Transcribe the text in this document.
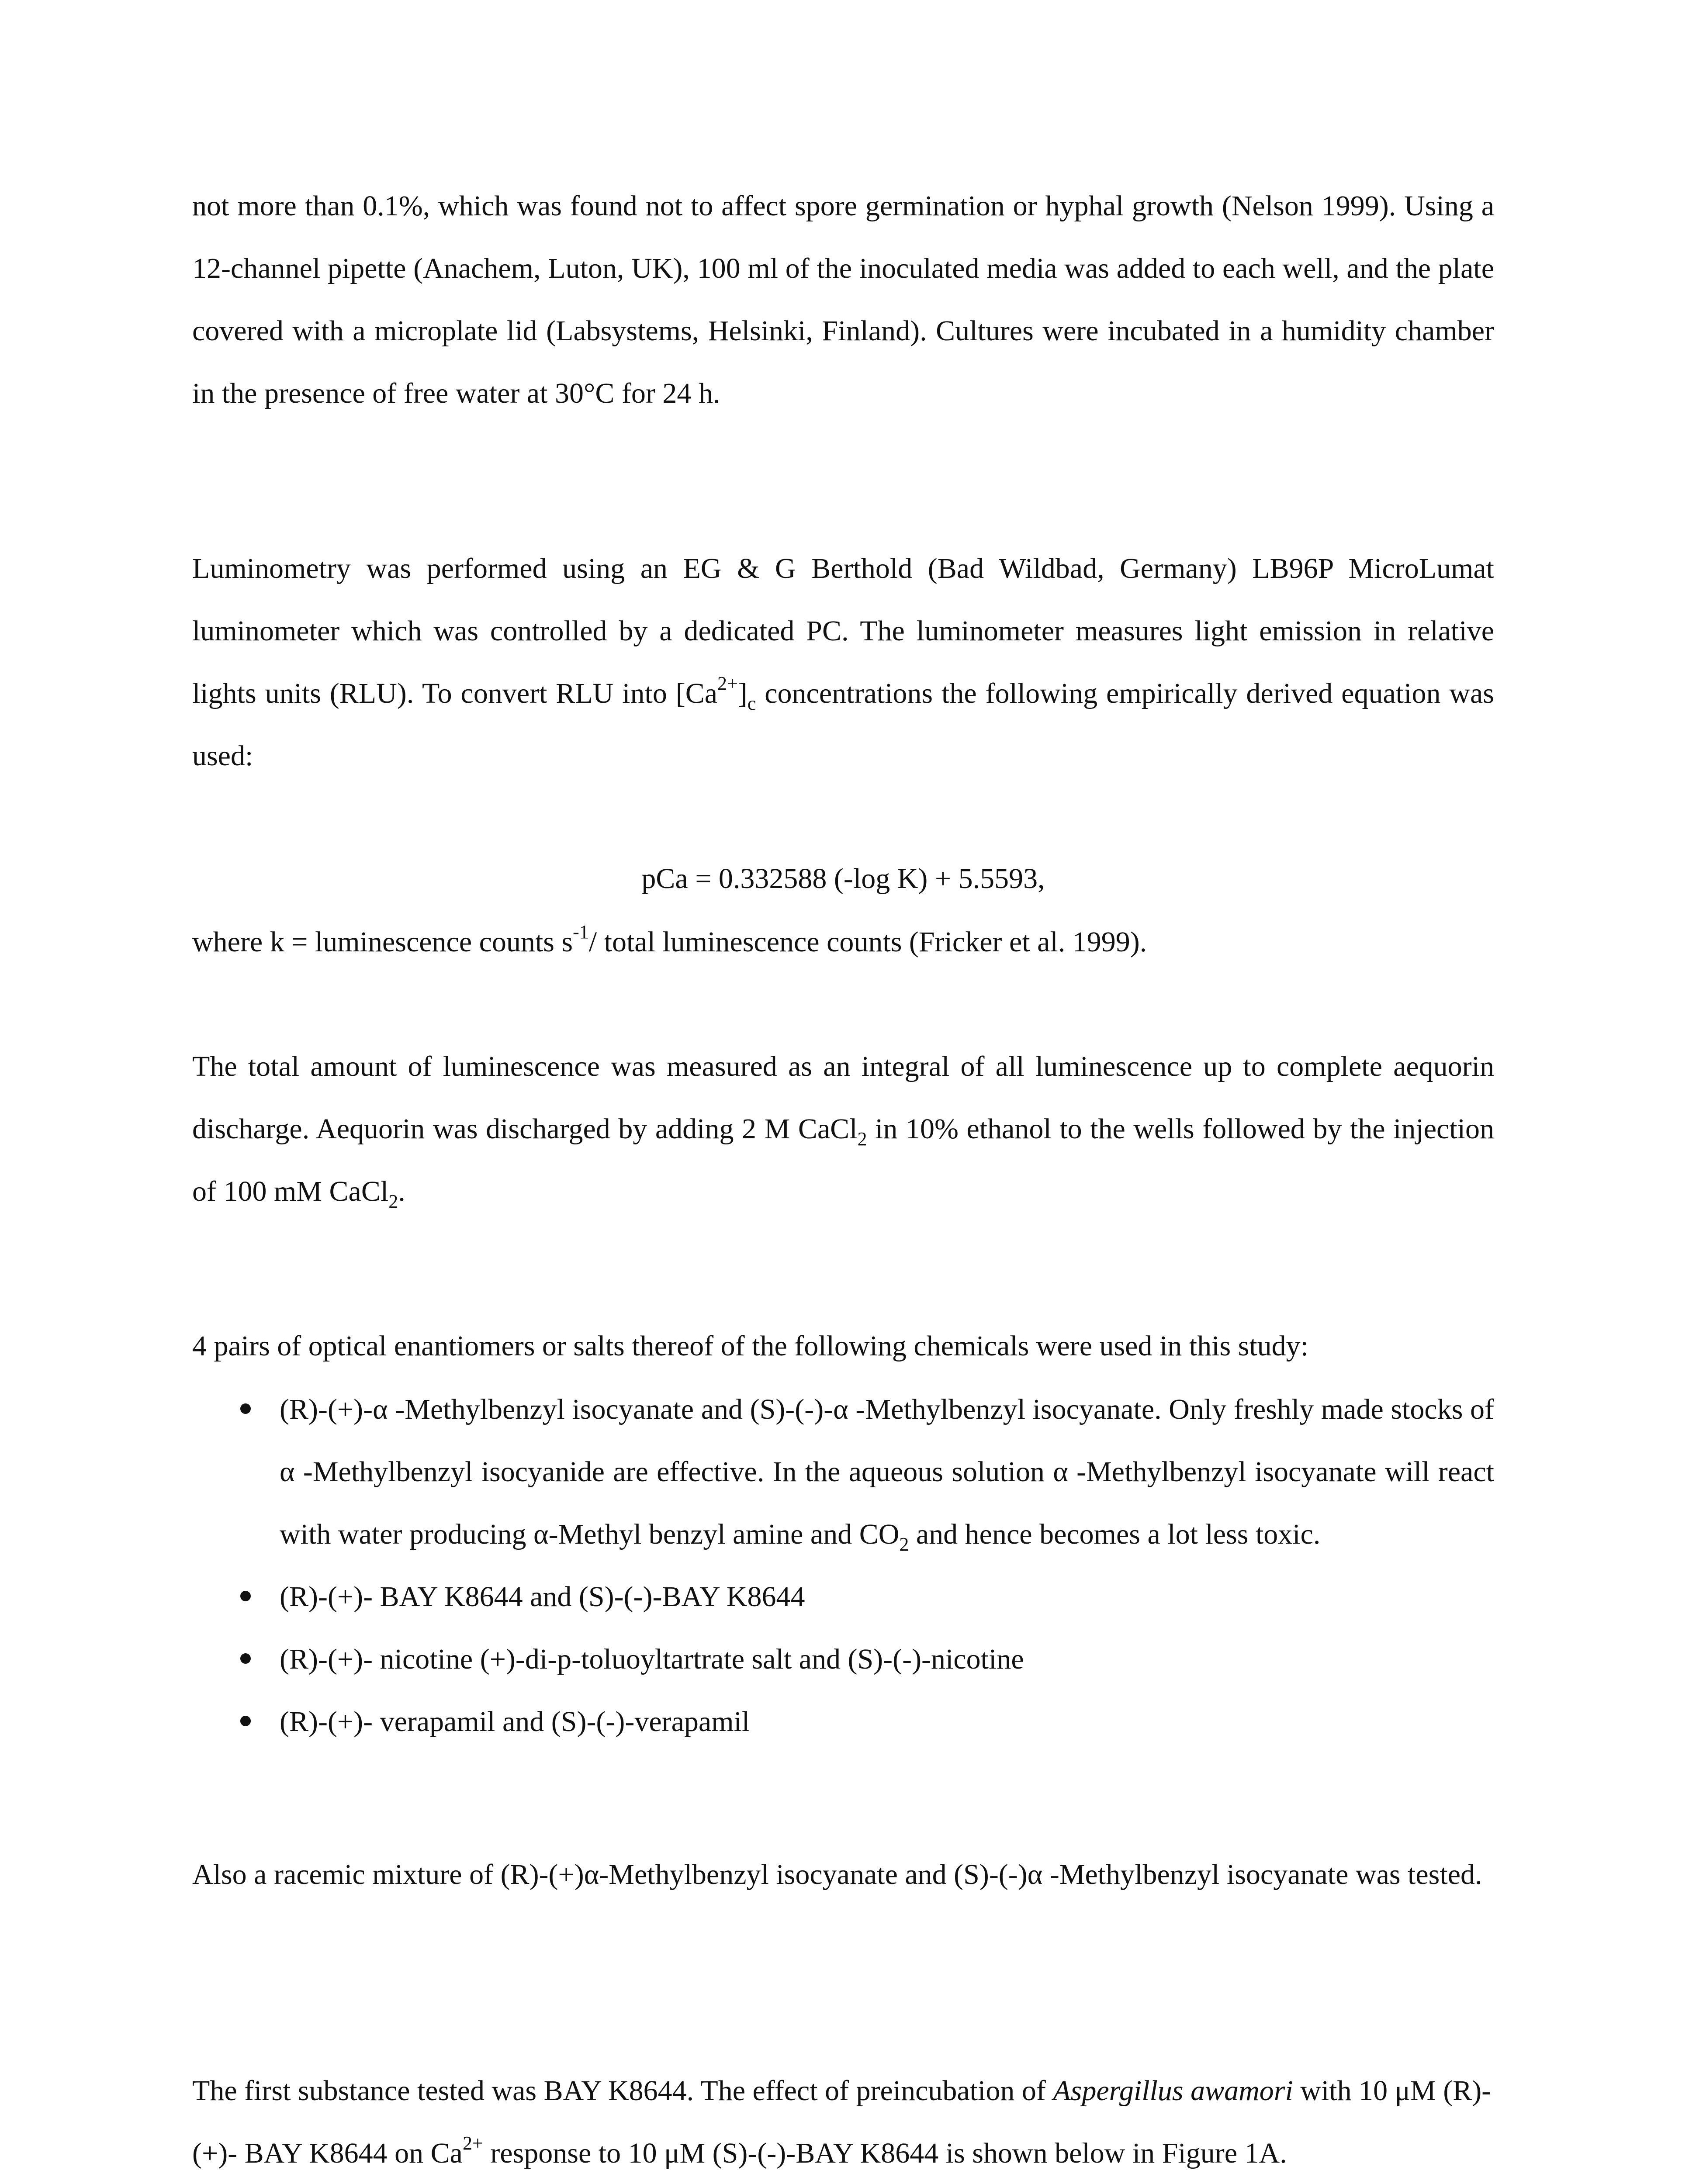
not more than 0.1%, which was found not to affect spore germination or hyphal growth (Nelson 1999). Using a 12-channel pipette (Anachem, Luton, UK), 100 ml of the inoculated media was added to each well, and the plate covered with a microplate lid (Labsystems, Helsinki, Finland). Cultures were incubated in a humidity chamber in the presence of free water at 30°C for 24 h.

Luminometry was performed using an EG & G Berthold (Bad Wildbad, Germany) LB96P MicroLumat luminometer which was controlled by a dedicated PC. The luminometer measures light emission in relative lights units (RLU). To convert RLU into $[Ca^{2+}]_c$ concentrations the following empirically derived equation was used:

pCa = 0.332588 (-log K) + 5.5593,

where k = luminescence counts $s^{-1}/$ total luminescence counts (Fricker et al. 1999).

The total amount of luminescence was measured as an integral of all luminescence up to complete aequorin discharge. Aequorin was discharged by adding 2 M CaCl$_2$ in 10% ethanol to the wells followed by the injection of 100 mM CaCl$_2$.

4 pairs of optical enantiomers or salts thereof of the following chemicals were used in this study:

(R)-(+)-α -Methylbenzyl isocyanate and (S)-(-)-α -Methylbenzyl isocyanate. Only freshly made stocks of α -Methylbenzyl isocyanide are effective. In the aqueous solution α -Methylbenzyl isocyanate will react with water producing α-Methyl benzyl amine and $CO_2$ and hence becomes a lot less toxic.
(R)-(+)- BAY K8644 and (S)-(-)-BAY K8644
(R)-(+)- nicotine (+)-di-p-toluoyltartrate salt and (S)-(-)-nicotine
(R)-(+)- verapamil and (S)-(-)-verapamil

Also a racemic mixture of (R)-(+)α-Methylbenzyl isocyanate and (S)-(-)α -Methylbenzyl isocyanate was tested.

The first substance tested was BAY K8644. The effect of preincubation of Aspergillus awamori with 10 μM (R)-(+)- BAY K8644 on $Ca^{2+}$ response to 10 μM (S)-(-)-BAY K8644 is shown below in Figure 1A.
